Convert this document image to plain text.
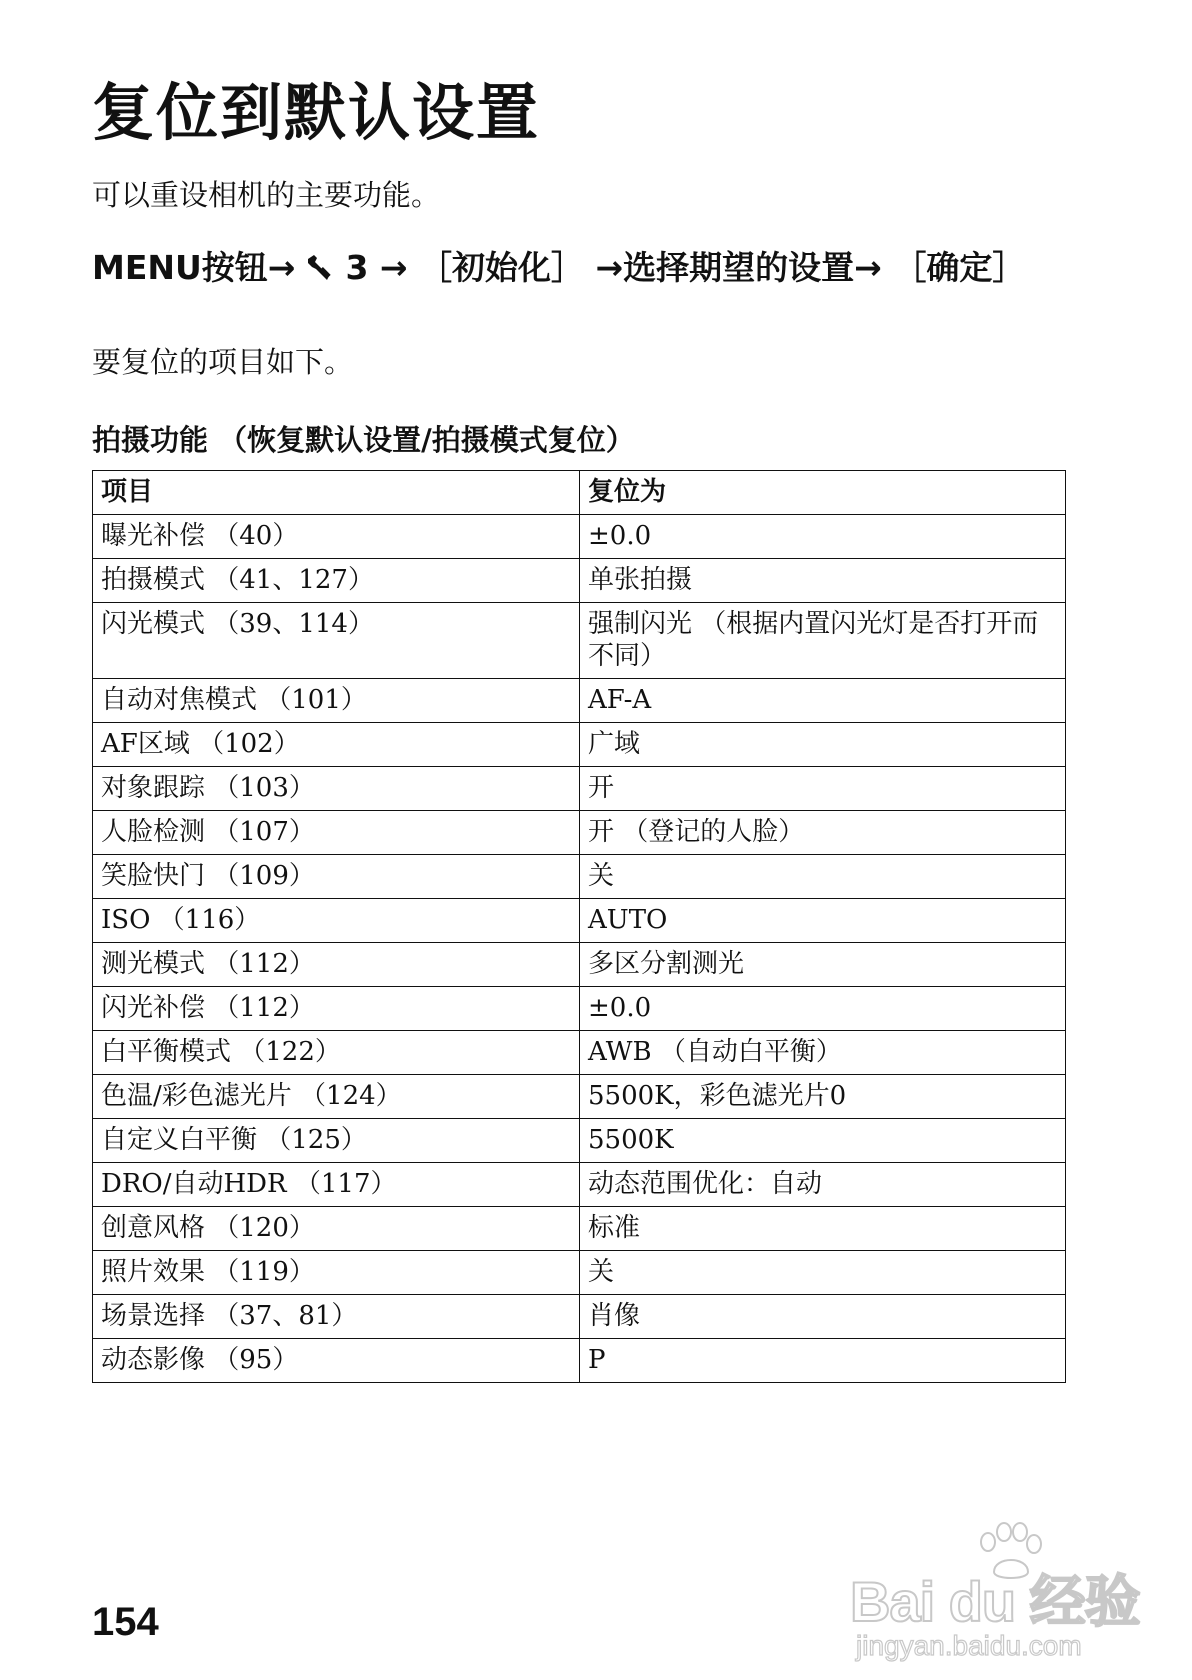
复位到默认设置
可以重设相机的主要功能。
MENU按钮→ 3 → ［初始化］ →选择期望的设置→ ［确定］
要复位的项目如下。
拍摄功能 （恢复默认设置/拍摄模式复位）
项目	复位为
曝光补偿 （40）	±0.0
拍摄模式 （41、127）	单张拍摄
闪光模式 （39、114）	强制闪光 （根据内置闪光灯是否打开而不同）
自动对焦模式 （101）	AF-A
AF区域 （102）	广域
对象跟踪 （103）	开
人脸检测 （107）	开 （登记的人脸）
笑脸快门 （109）	关
ISO （116）	AUTO
测光模式 （112）	多区分割测光
闪光补偿 （112）	±0.0
白平衡模式 （122）	AWB （自动白平衡）
色温/彩色滤光片 （124）	5500K，彩色滤光片0
自定义白平衡 （125）	5500K
DRO/自动HDR （117）	动态范围优化：自动
创意风格 （120）	标准
照片效果 （119）	关
场景选择 （37、81）	肖像
动态影像 （95）	P
154	Bai du 经验
jingyan.baidu.com
